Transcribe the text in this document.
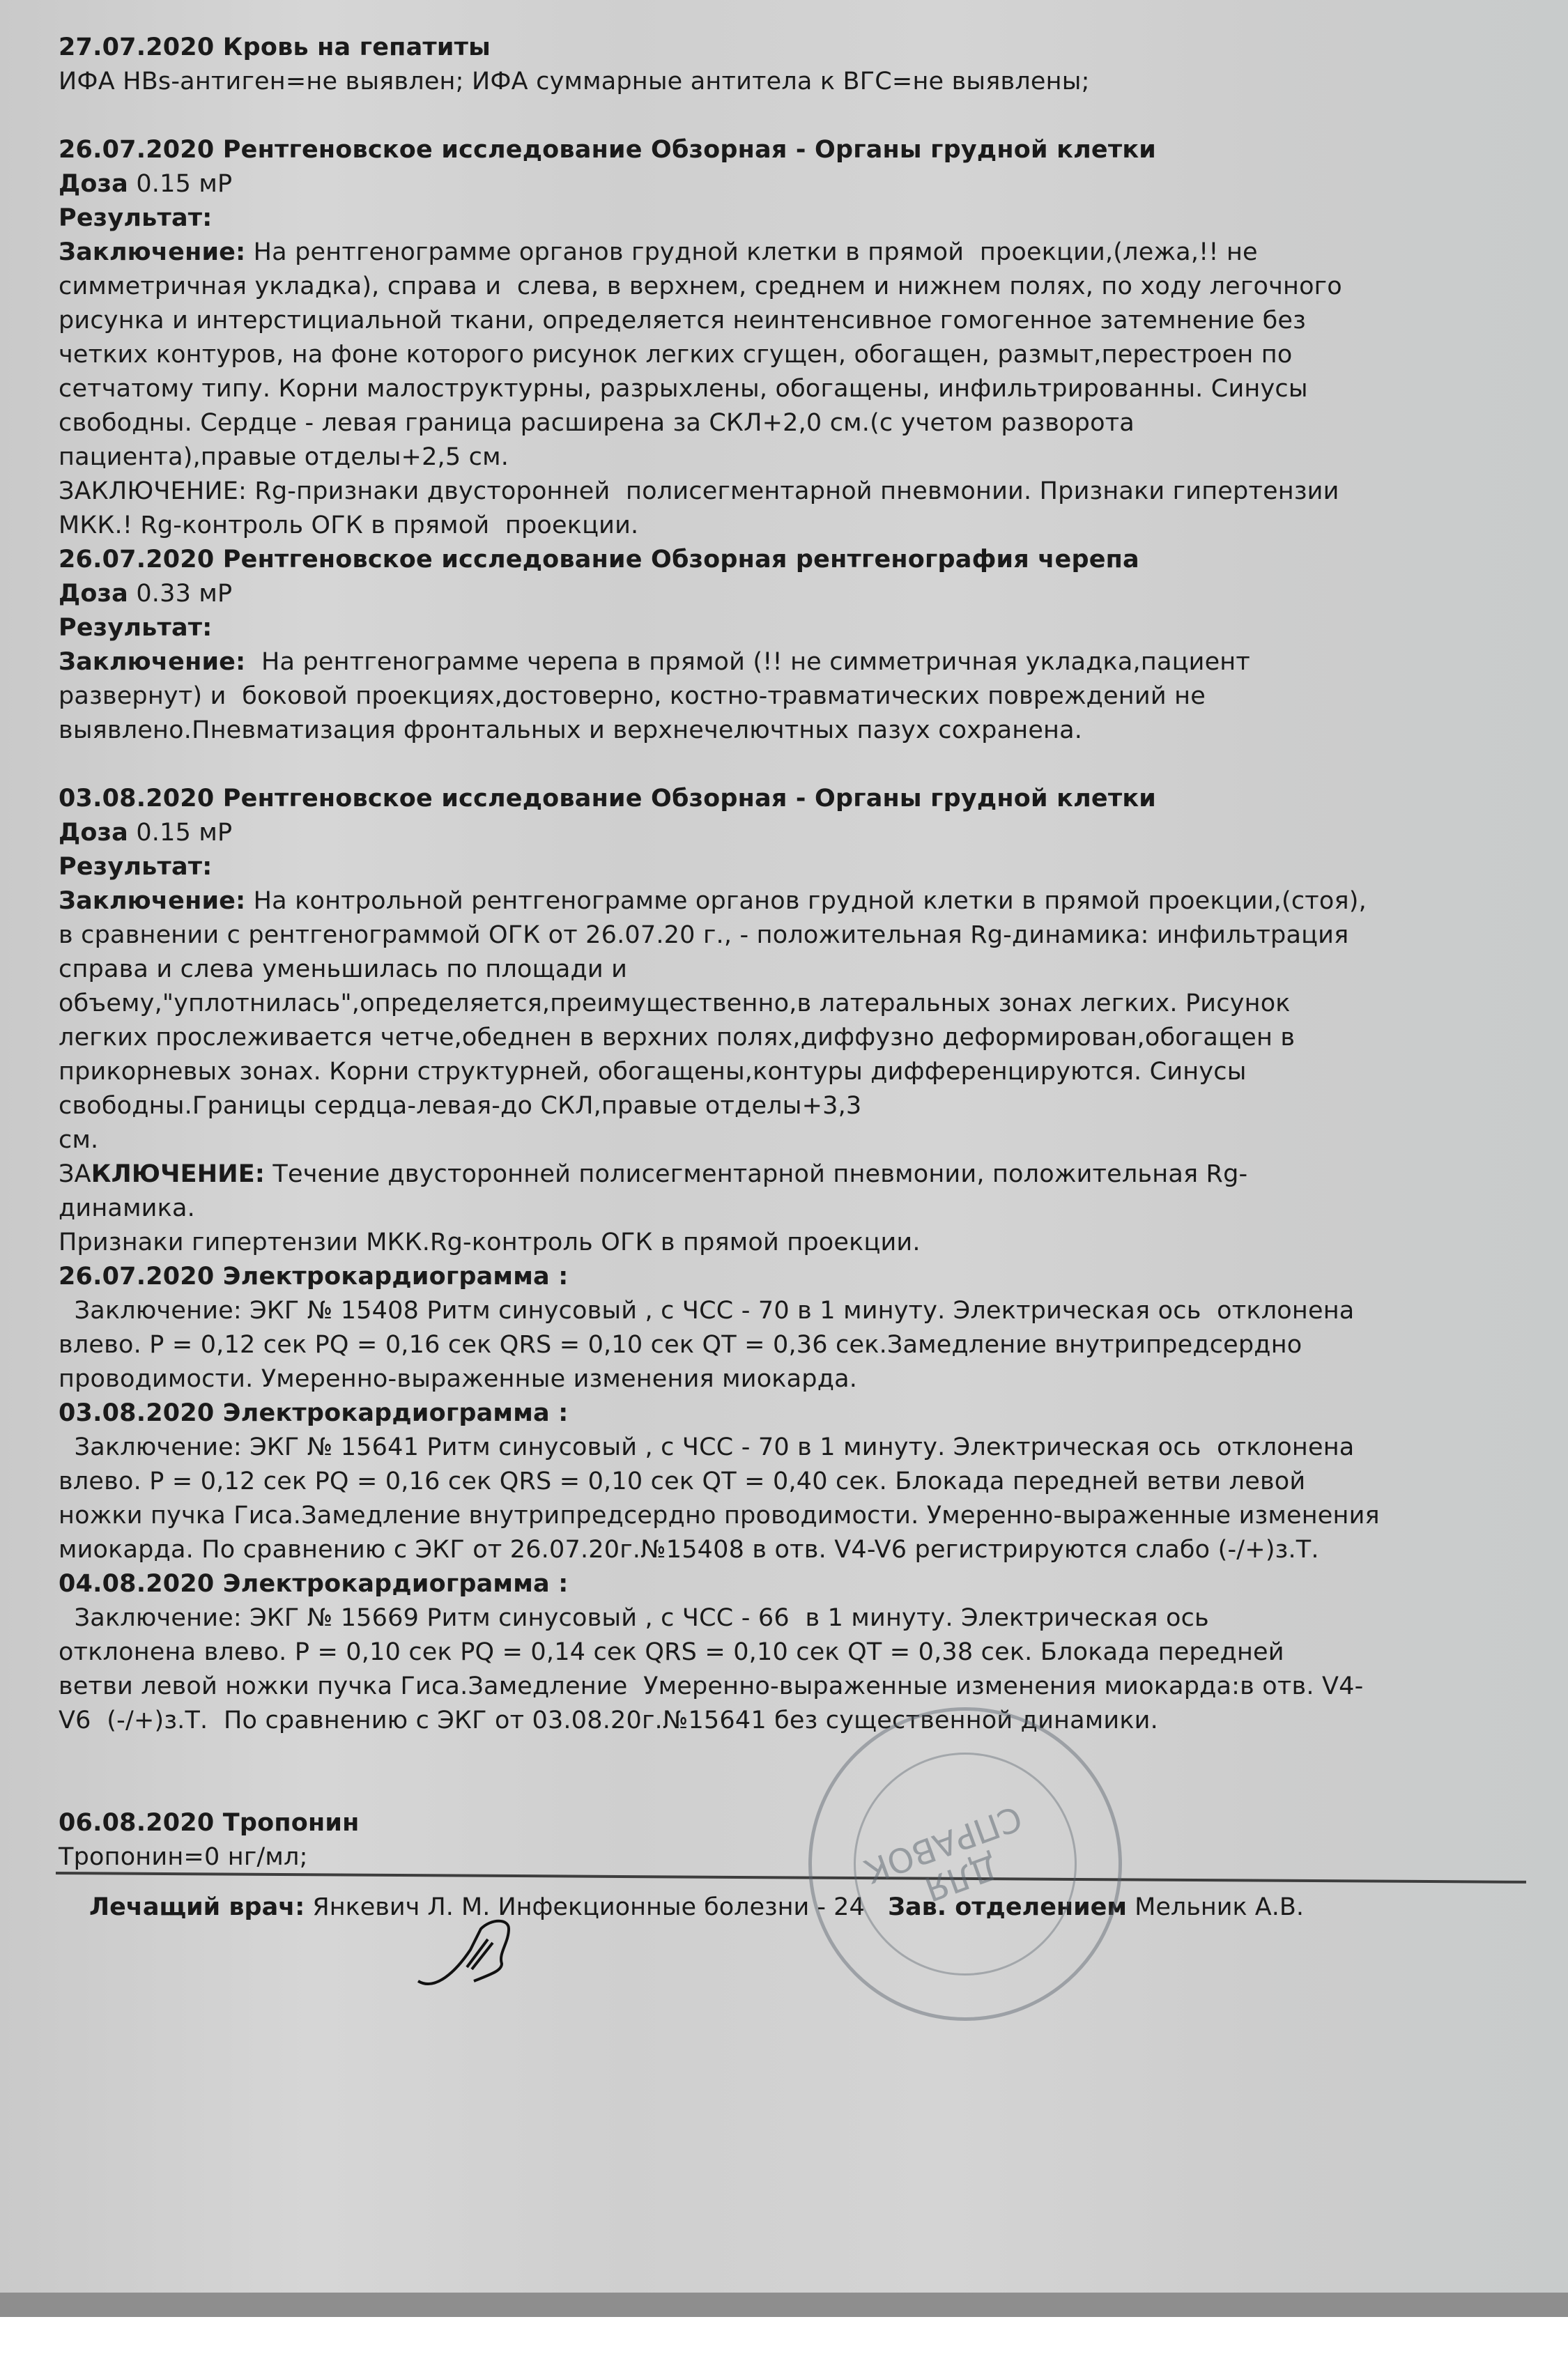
27.07.2020 Кровь на гепатиты
ИФА HBs-антиген=не выявлен; ИФА суммарные антитела к ВГС=не выявлены;
26.07.2020 Рентгеновское исследование Обзорная - Органы грудной клетки
Доза 0.15 мР
Результат:
Заключение: На рентгенограмме органов грудной клетки в прямой  проекции,(лежа,!! не
симметричная укладка), справа и  слева, в верхнем, среднем и нижнем полях, по ходу легочного
рисунка и интерстициальной ткани, определяется неинтенсивное гомогенное затемнение без
четких контуров, на фоне которого рисунок легких сгущен, обогащен, размыт,перестроен по
сетчатому типу. Корни малоструктурны, разрыхлены, обогащены, инфильтрированны. Синусы
свободны. Сердце - левая граница расширена за СКЛ+2,0 см.(с учетом разворота
пациента),правые отделы+2,5 см.
ЗАКЛЮЧЕНИЕ: Rg-признаки двусторонней  полисегментарной пневмонии. Признаки гипертензии
МКК.! Rg-контроль ОГК в прямой  проекции.
26.07.2020 Рентгеновское исследование Обзорная рентгенография черепа
Доза 0.33 мР
Результат:
Заключение:  На рентгенограмме черепа в прямой (!! не симметричная укладка,пациент
развернут) и  боковой проекциях,достоверно, костно-травматических повреждений не
выявлено.Пневматизация фронтальных и верхнечелючтных пазух сохранена.
03.08.2020 Рентгеновское исследование Обзорная - Органы грудной клетки
Доза 0.15 мР
Результат:
Заключение: На контрольной рентгенограмме органов грудной клетки в прямой проекции,(стоя),
в сравнении с рентгенограммой ОГК от 26.07.20 г., - положительная Rg-динамика: инфильтрация
справа и слева уменьшилась по площади и
объему,"уплотнилась",определяется,преимущественно,в латеральных зонах легких. Рисунок
легких прослеживается четче,обеднен в верхних полях,диффузно деформирован,обогащен в
прикорневых зонах. Корни структурней, обогащены,контуры дифференцируются. Синусы
свободны.Границы сердца-левая-до СКЛ,правые отделы+3,3
см.
ЗАКЛЮЧЕНИЕ: Течение двусторонней полисегментарной пневмонии, положительная Rg-
динамика.
Признаки гипертензии МКК.Rg-контроль ОГК в прямой проекции.
26.07.2020 Электрокардиограмма :
Заключение: ЭКГ № 15408 Ритм синусовый , с ЧСС - 70 в 1 минуту. Электрическая ось  отклонена
влево. P = 0,12 сек PQ = 0,16 сек QRS = 0,10 сек QT = 0,36 сек.Замедление внутрипредсердно
проводимости. Умеренно-выраженные изменения миокарда.
03.08.2020 Электрокардиограмма :
Заключение: ЭКГ № 15641 Ритм синусовый , с ЧСС - 70 в 1 минуту. Электрическая ось  отклонена
влево. P = 0,12 сек PQ = 0,16 сек QRS = 0,10 сек QT = 0,40 сек. Блокада передней ветви левой
ножки пучка Гиса.Замедление внутрипредсердно проводимости. Умеренно-выраженные изменения
миокарда. По сравнению с ЭКГ от 26.07.20г.№15408 в отв. V4-V6 регистрируются слабо (-/+)з.Т.
04.08.2020 Электрокардиограмма :
Заключение: ЭКГ № 15669 Ритм синусовый , с ЧСС - 66  в 1 минуту. Электрическая ось
отклонена влево. P = 0,10 сек PQ = 0,14 сек QRS = 0,10 сек QT = 0,38 сек. Блокада передней
ветви левой ножки пучка Гиса.Замедление  Умеренно-выраженные изменения миокарда:в отв. V4-
V6  (-/+)з.Т.  По сравнению с ЭКГ от 03.08.20г.№15641 без существенной динамики.
06.08.2020 Тропонин
Тропонин=0 нг/мл;
Лечащий врач: Янкевич Л. М. Инфекционные болезни - 24 Зав. отделением Мельник А.В.
ДЛЯ СПРАВОК
